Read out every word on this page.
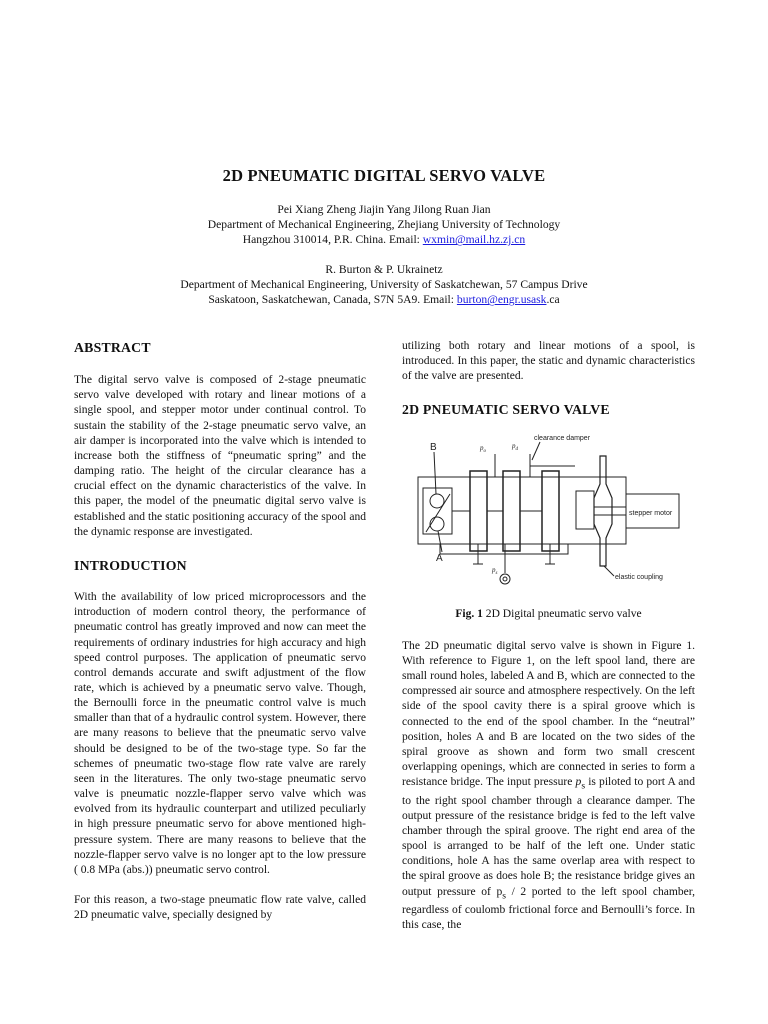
2D PNEUMATIC DIGITAL SERVO VALVE

Pei Xiang Zheng Jiajin Yang Jilong Ruan Jian

Department of Mechanical Engineering, Zhejiang University of Technology

Hangzhou 310014, P.R. China. Email: wxmin@mail.hz.zj.cn

R. Burton & P. Ukrainetz

Department of Mechanical Engineering, University of Saskatchewan, 57 Campus Drive

Saskatoon, Saskatchewan, Canada, S7N 5A9. Email: burton@engr.usask.ca

ABSTRACT

The digital servo valve is composed of 2-stage pneumatic servo valve developed with rotary and linear motions of a single spool, and stepper motor under continual control. To sustain the stability of the 2-stage pneumatic servo valve, an air damper is incorporated into the valve which is intended to increase both the stiffness of “pneumatic spring” and the damping ratio. The height of the circular clearance has a crucial effect on the dynamic characteristics of the valve. In this paper, the model of the pneumatic digital servo valve is established and the static positioning accuracy of the spool and the dynamic response are investigated.

INTRODUCTION

With the availability of low priced microprocessors and the introduction of modern control theory, the performance of pneumatic control has greatly improved and now can meet the requirements of ordinary industries for high accuracy and high speed control purposes. The application of pneumatic servo control demands accurate and swift adjustment of the flow rate, which is achieved by a pneumatic servo valve. Though, the Bernoulli force in the pneumatic control valve is much smaller than that of a hydraulic control system. However, there are many reasons to believe that the pneumatic servo valve should be designed to be of the two-stage type. So far the schemes of pneumatic two-stage flow rate valve are rarely seen in the literatures. The only two-stage pneumatic servo valve is pneumatic nozzle-flapper servo valve which was evolved from its hydraulic counterpart and utilized peculiarly in high pressure pneumatic servo for above mentioned high-pressure system. There are many reasons to believe that the nozzle-flapper servo valve is no longer apt to the low pressure ( 0.8 MPa (abs.)) pneumatic servo control.

For this reason, a two-stage pneumatic flow rate valve, called 2D pneumatic valve, specially designed by

utilizing both rotary and linear motions of a spool, is introduced. In this paper, the static and dynamic characteristics of the valve are presented.

2D PNEUMATIC SERVO VALVE
stepper motor
B
A
$p_o$
$p_d$
$p_s$
clearance damper
elastic coupling

Fig. 1 2D Digital pneumatic servo valve

The 2D pneumatic digital servo valve is shown in Figure 1. With reference to Figure 1, on the left spool land, there are small round holes, labeled A and B, which are connected to the compressed air source and atmosphere respectively. On the left side of the spool cavity there is a spiral groove which is connected to the end of the spool chamber. In the “neutral” position, holes A and B are located on the two sides of the spiral groove as shown and form two small crescent overlapping openings, which are connected in series to form a resistance bridge. The input pressure $p_s$ is piloted to port A and to the right spool chamber through a clearance damper. The output pressure of the resistance bridge is fed to the left valve chamber through the spiral groove. The right end area of the spool is arranged to be half of the left one. Under static conditions, hole A has the same overlap area with respect to the spiral groove as does hole B; the resistance bridge gives an output pressure of $p_s / 2$ ported to the left spool chamber, regardless of coulomb frictional force and Bernoulli’s force. In this case, the
